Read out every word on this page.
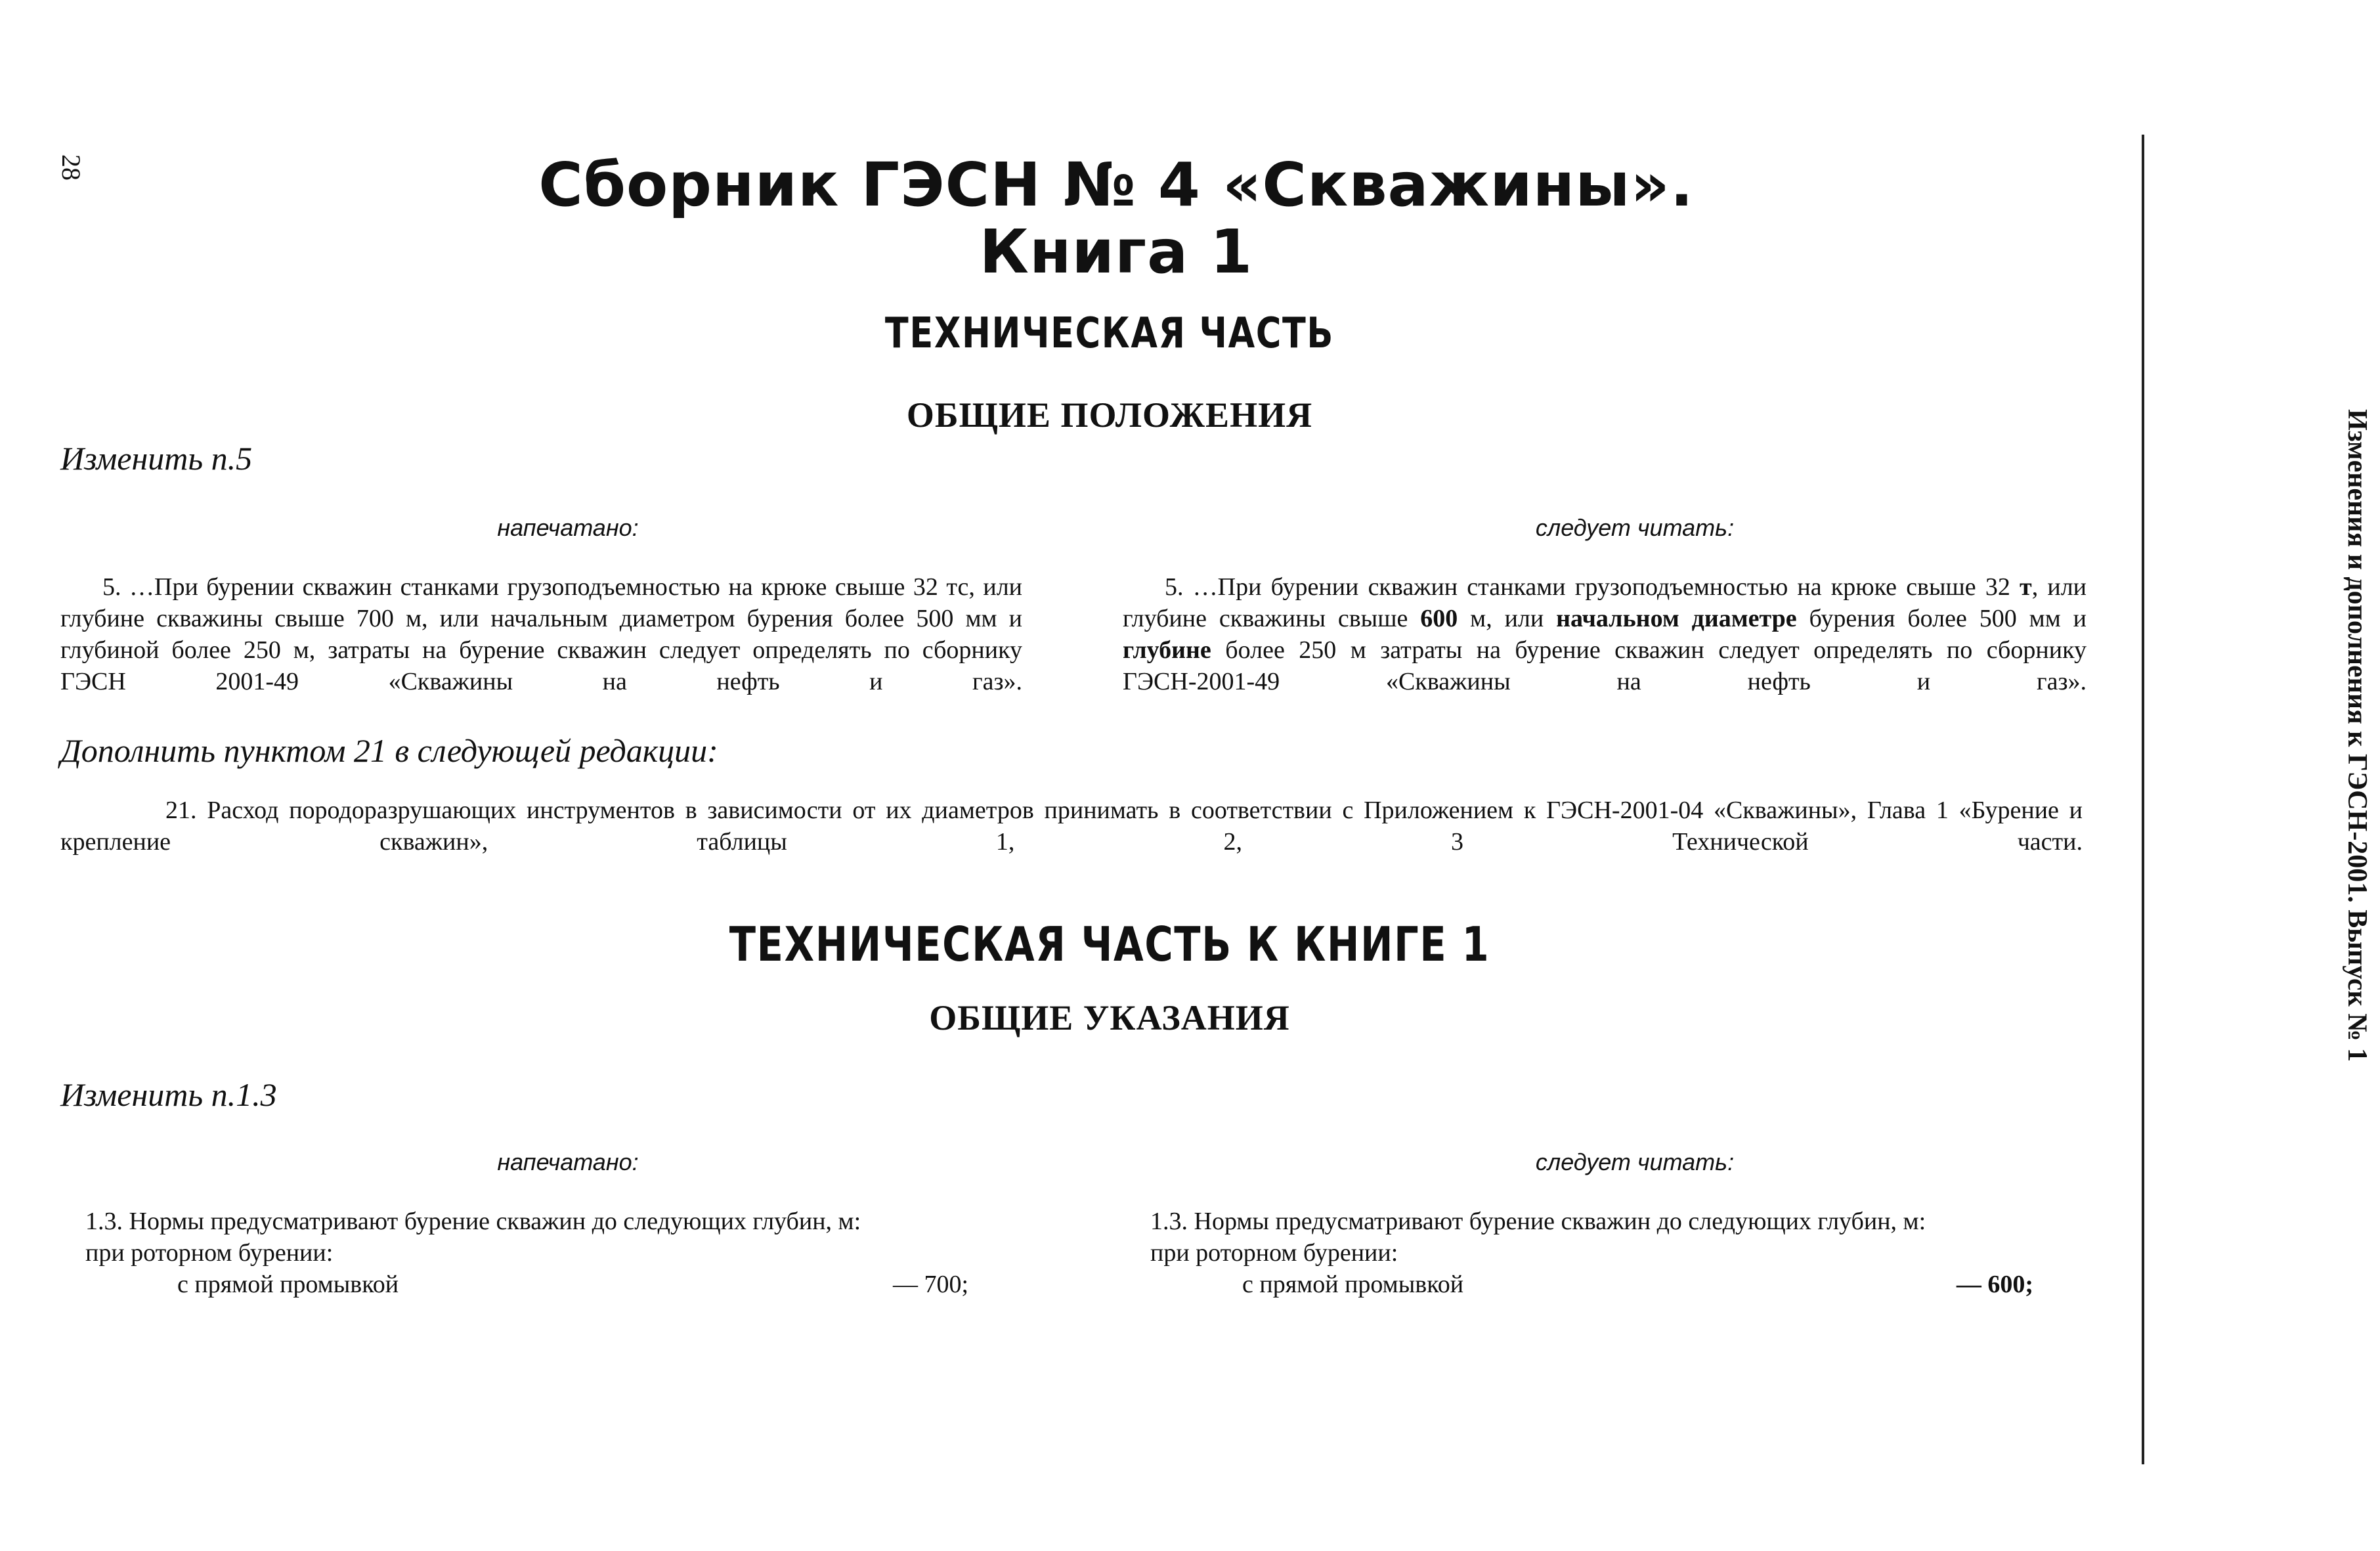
28
Изменения и дополнения к ГЭСН-2001. Выпуск № 1
Сборник ГЭСН № 4 «Скважины».
Книга 1
ТЕХНИЧЕСКАЯ ЧАСТЬ
ОБЩИЕ ПОЛОЖЕНИЯ
Изменить п.5
напечатано:	следует читать:

5. …При бурении скважин станками грузоподъемностью на крюке свыше 32 тс, или глубине скважины свыше 700 м, или начальным диаметром бурения более 500 мм и глубиной более 250 м, затраты на бурение скважин следует определять по сборнику ГЭСН 2001-49 «Скважины на нефть и газ».

5. …При бурении скважин станками грузоподъемностью на крюке свыше 32 т, или глубине скважины свыше 600 м, или начальном диаметре бурения более 500 мм и глубине более 250 м затраты на бурение скважин следует определять по сборнику ГЭСН-2001-49 «Скважины на нефть и газ».

Дополнить пунктом 21 в следующей редакции:

21. Расход породоразрушающих инструментов в зависимости от их диаметров принимать в соответствии с Приложением к ГЭСН-2001-04 «Скважины», Глава 1 «Бурение и крепление скважин», таблицы 1, 2, 3 Технической части.

ТЕХНИЧЕСКАЯ ЧАСТЬ К КНИГЕ 1
ОБЩИЕ УКАЗАНИЯ
Изменить п.1.3
напечатано:	следует читать:
1.3. Нормы предусматривают бурение скважин до следующих глубин, м:
при роторном бурении:
с прямой промывкой	— 700;
1.3. Нормы предусматривают бурение скважин до следующих глубин, м:
при роторном бурении:
с прямой промывкой	— 600;
